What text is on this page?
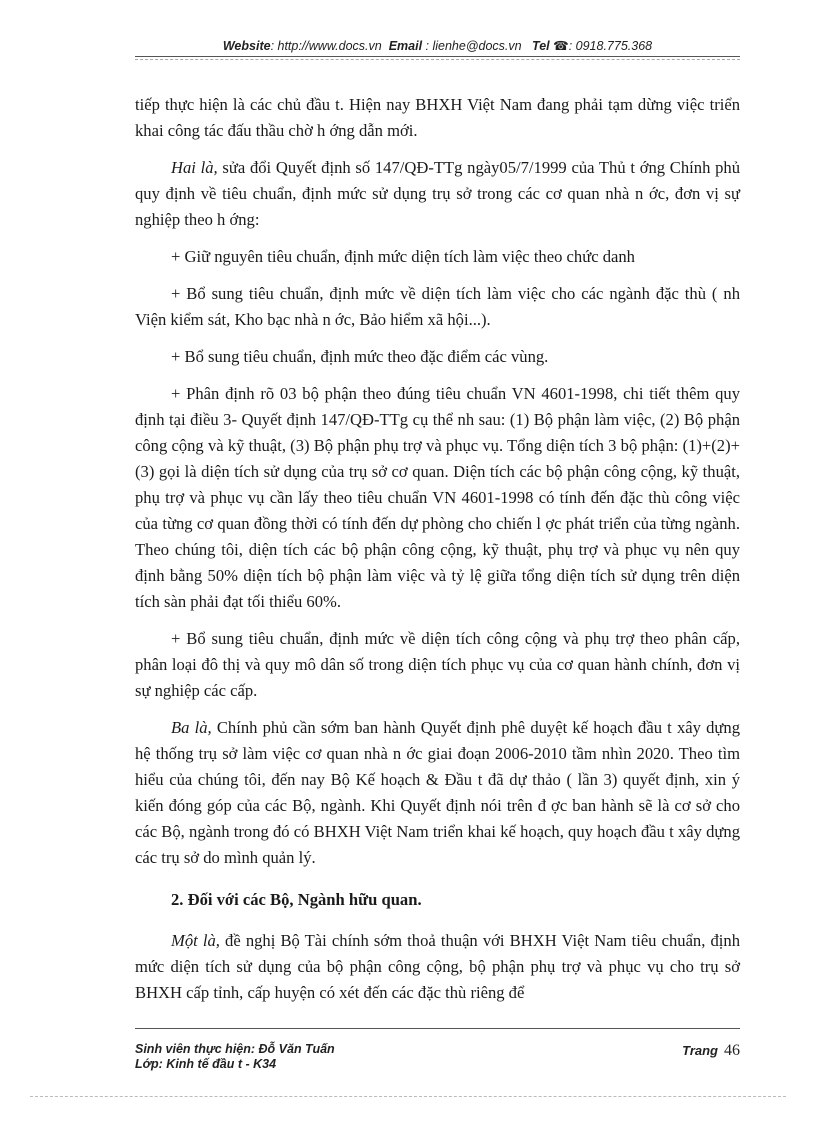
Website: http://www.docs.vn Email : lienhe@docs.vn Tel ☎: 0918.775.368

tiếp thực hiện là các chủ đầu t. Hiện nay BHXH Việt Nam đang phải tạm dừng việc triển khai công tác đấu thầu chờ h ớng dẫn mới.

Hai là, sửa đổi Quyết định số 147/QĐ-TTg ngày05/7/1999 của Thủ t ớng Chính phủ quy định về tiêu chuẩn, định mức sử dụng trụ sở trong các cơ quan nhà n ớc, đơn vị sự nghiệp theo h ớng:

+ Giữ nguyên tiêu chuẩn, định mức diện tích làm việc theo chức danh

+ Bổ sung tiêu chuẩn, định mức về diện tích làm việc cho các ngành đặc thù ( nh Viện kiểm sát, Kho bạc nhà n ớc, Bảo hiểm xã hội...).

+ Bổ sung tiêu chuẩn, định mức theo đặc điểm các vùng.

+ Phân định rõ 03 bộ phận theo đúng tiêu chuẩn VN 4601-1998, chi tiết thêm quy định tại điều 3- Quyết định 147/QĐ-TTg cụ thể nh sau: (1) Bộ phận làm việc, (2) Bộ phận công cộng và kỹ thuật, (3) Bộ phận phụ trợ và phục vụ. Tổng diện tích 3 bộ phận: (1)+(2)+(3) gọi là diện tích sử dụng của trụ sở cơ quan. Diện tích các bộ phận công cộng, kỹ thuật, phụ trợ và phục vụ cần lấy theo tiêu chuẩn VN 4601-1998 có tính đến đặc thù công việc của từng cơ quan đồng thời có tính đến dự phòng cho chiến l ợc phát triển của từng ngành. Theo chúng tôi, diện tích các bộ phận công cộng, kỹ thuật, phụ trợ và phục vụ nên quy định bằng 50% diện tích bộ phận làm việc và tỷ lệ giữa tổng diện tích sử dụng trên diện tích sàn phải đạt tối thiểu 60%.

+ Bổ sung tiêu chuẩn, định mức về diện tích công cộng và phụ trợ theo phân cấp, phân loại đô thị và quy mô dân số trong diện tích phục vụ của cơ quan hành chính, đơn vị sự nghiệp các cấp.

Ba là, Chính phủ cần sớm ban hành Quyết định phê duyệt kế hoạch đầu t xây dựng hệ thống trụ sở làm việc cơ quan nhà n ớc giai đoạn 2006-2010 tầm nhìn 2020. Theo tìm hiểu của chúng tôi, đến nay Bộ Kế hoạch & Đầu t đã dự thảo ( lần 3) quyết định, xin ý kiến đóng góp của các Bộ, ngành. Khi Quyết định nói trên đ ợc ban hành sẽ là cơ sở cho các Bộ, ngành trong đó có BHXH Việt Nam triển khai kế hoạch, quy hoạch đầu t xây dựng các trụ sở do mình quản lý.

2. Đối với các Bộ, Ngành hữu quan.

Một là, đề nghị Bộ Tài chính sớm thoả thuận với BHXH Việt Nam tiêu chuẩn, định mức diện tích sử dụng của bộ phận công cộng, bộ phận phụ trợ và phục vụ cho trụ sở BHXH cấp tỉnh, cấp huyện có xét đến các đặc thù riêng để

Sinh viên thực hiện: Đỗ Văn Tuấn
Lớp: Kinh tế đầu t - K34
Trang 46
